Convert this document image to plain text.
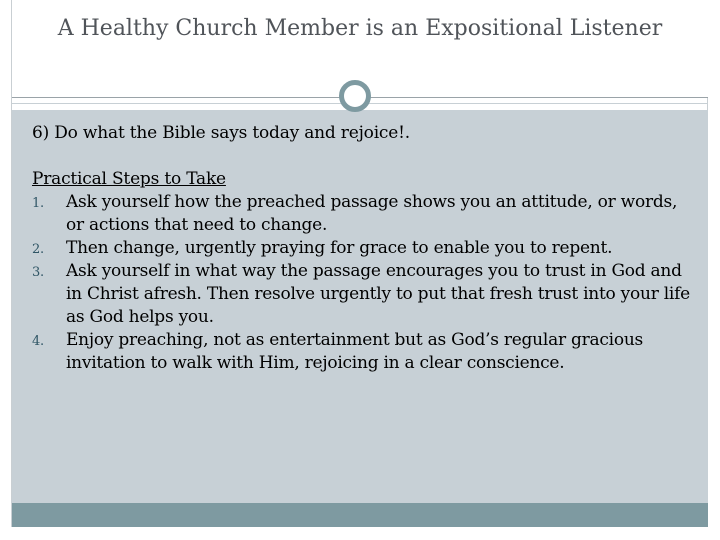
A Healthy Church Member is an Expositional Listener

6) Do what the Bible says today and rejoice!.

Practical Steps to Take

1. Ask yourself how the preached passage shows you an attitude, or words, or actions that need to change.
2. Then change, urgently praying for grace to enable you to repent.
3. Ask yourself in what way the passage encourages you to trust in God and in Christ afresh. Then resolve urgently to put that fresh trust into your life as God helps you.
4. Enjoy preaching, not as entertainment but as God’s regular gracious invitation to walk with Him, rejoicing in a clear conscience.
